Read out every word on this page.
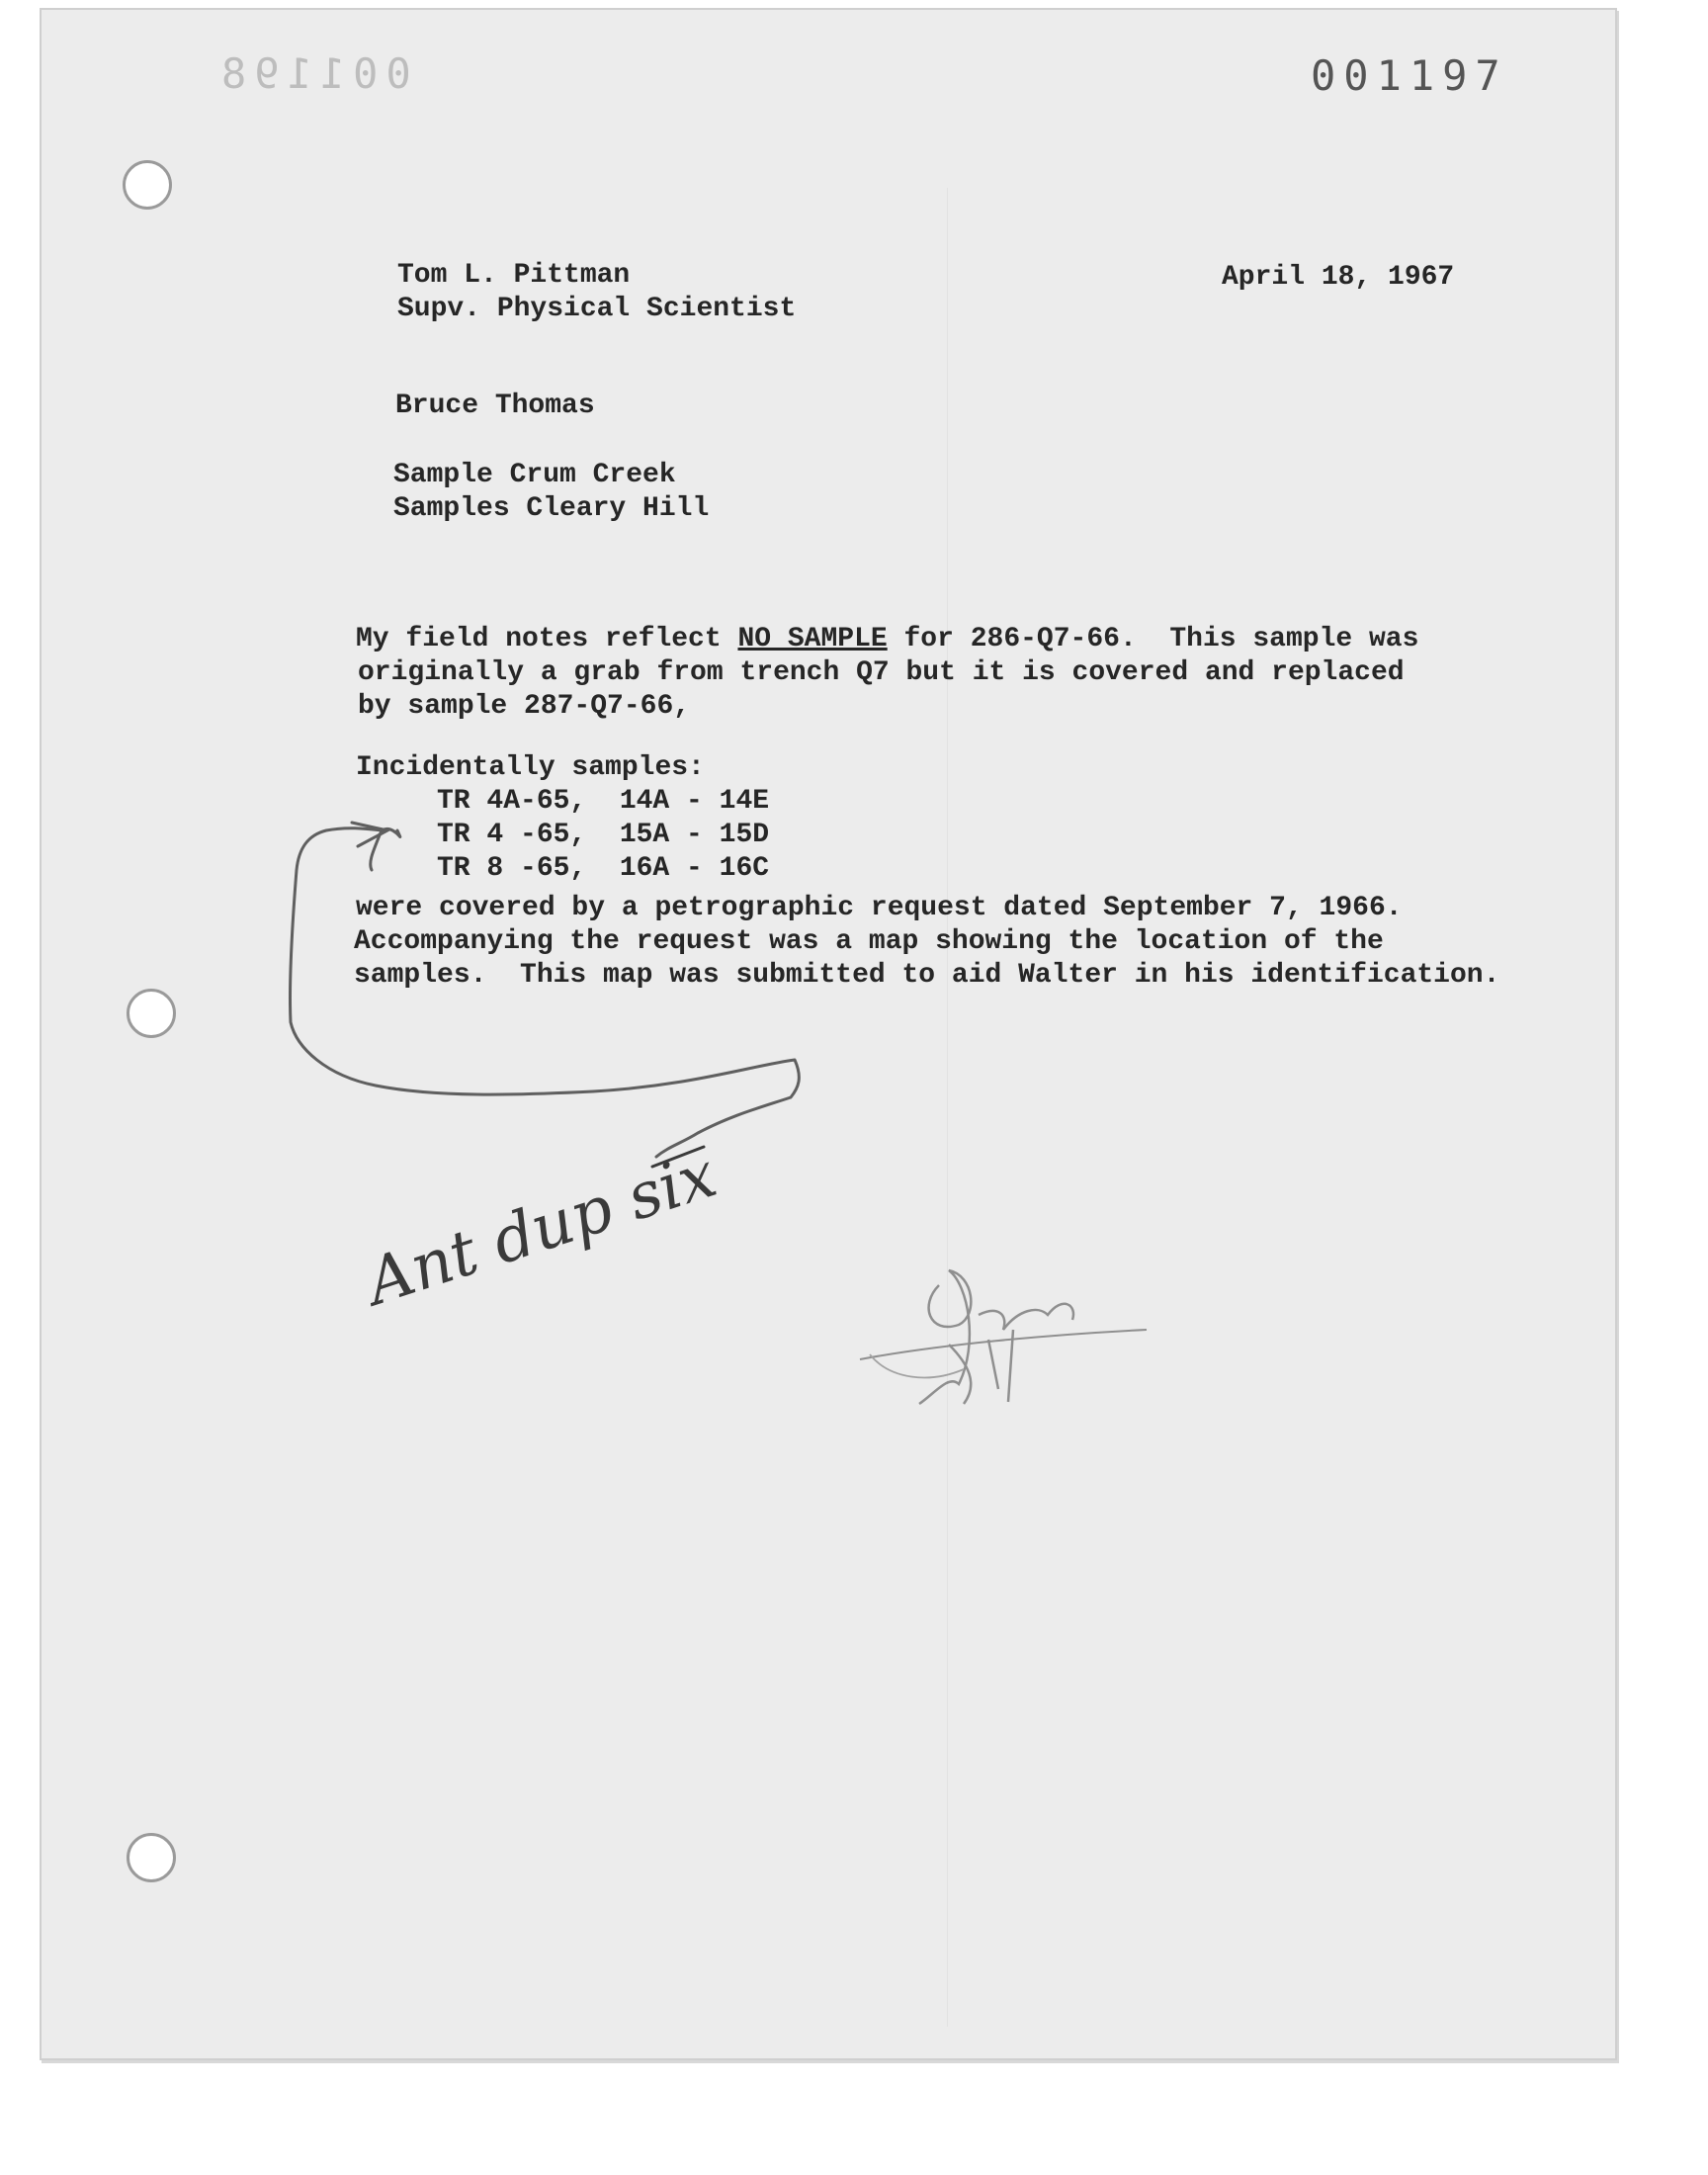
001198	001197
Tom L. Pittman
Supv. Physical Scientist
April 18, 1967
Bruce Thomas
Sample Crum Creek
Samples Cleary Hill
My field notes reflect NO SAMPLE for 286-Q7-66.  This sample was
originally a grab from trench Q7 but it is covered and replaced
by sample 287-Q7-66,
Incidentally samples:
TR 4A-65,  14A - 14E
TR 4 -65,  15A - 15D
TR 8 -65,  16A - 16C
were covered by a petrographic request dated September 7, 1966.
Accompanying the request was a map showing the location of the
samples.  This map was submitted to aid Walter in his identification.
Ant dup six
